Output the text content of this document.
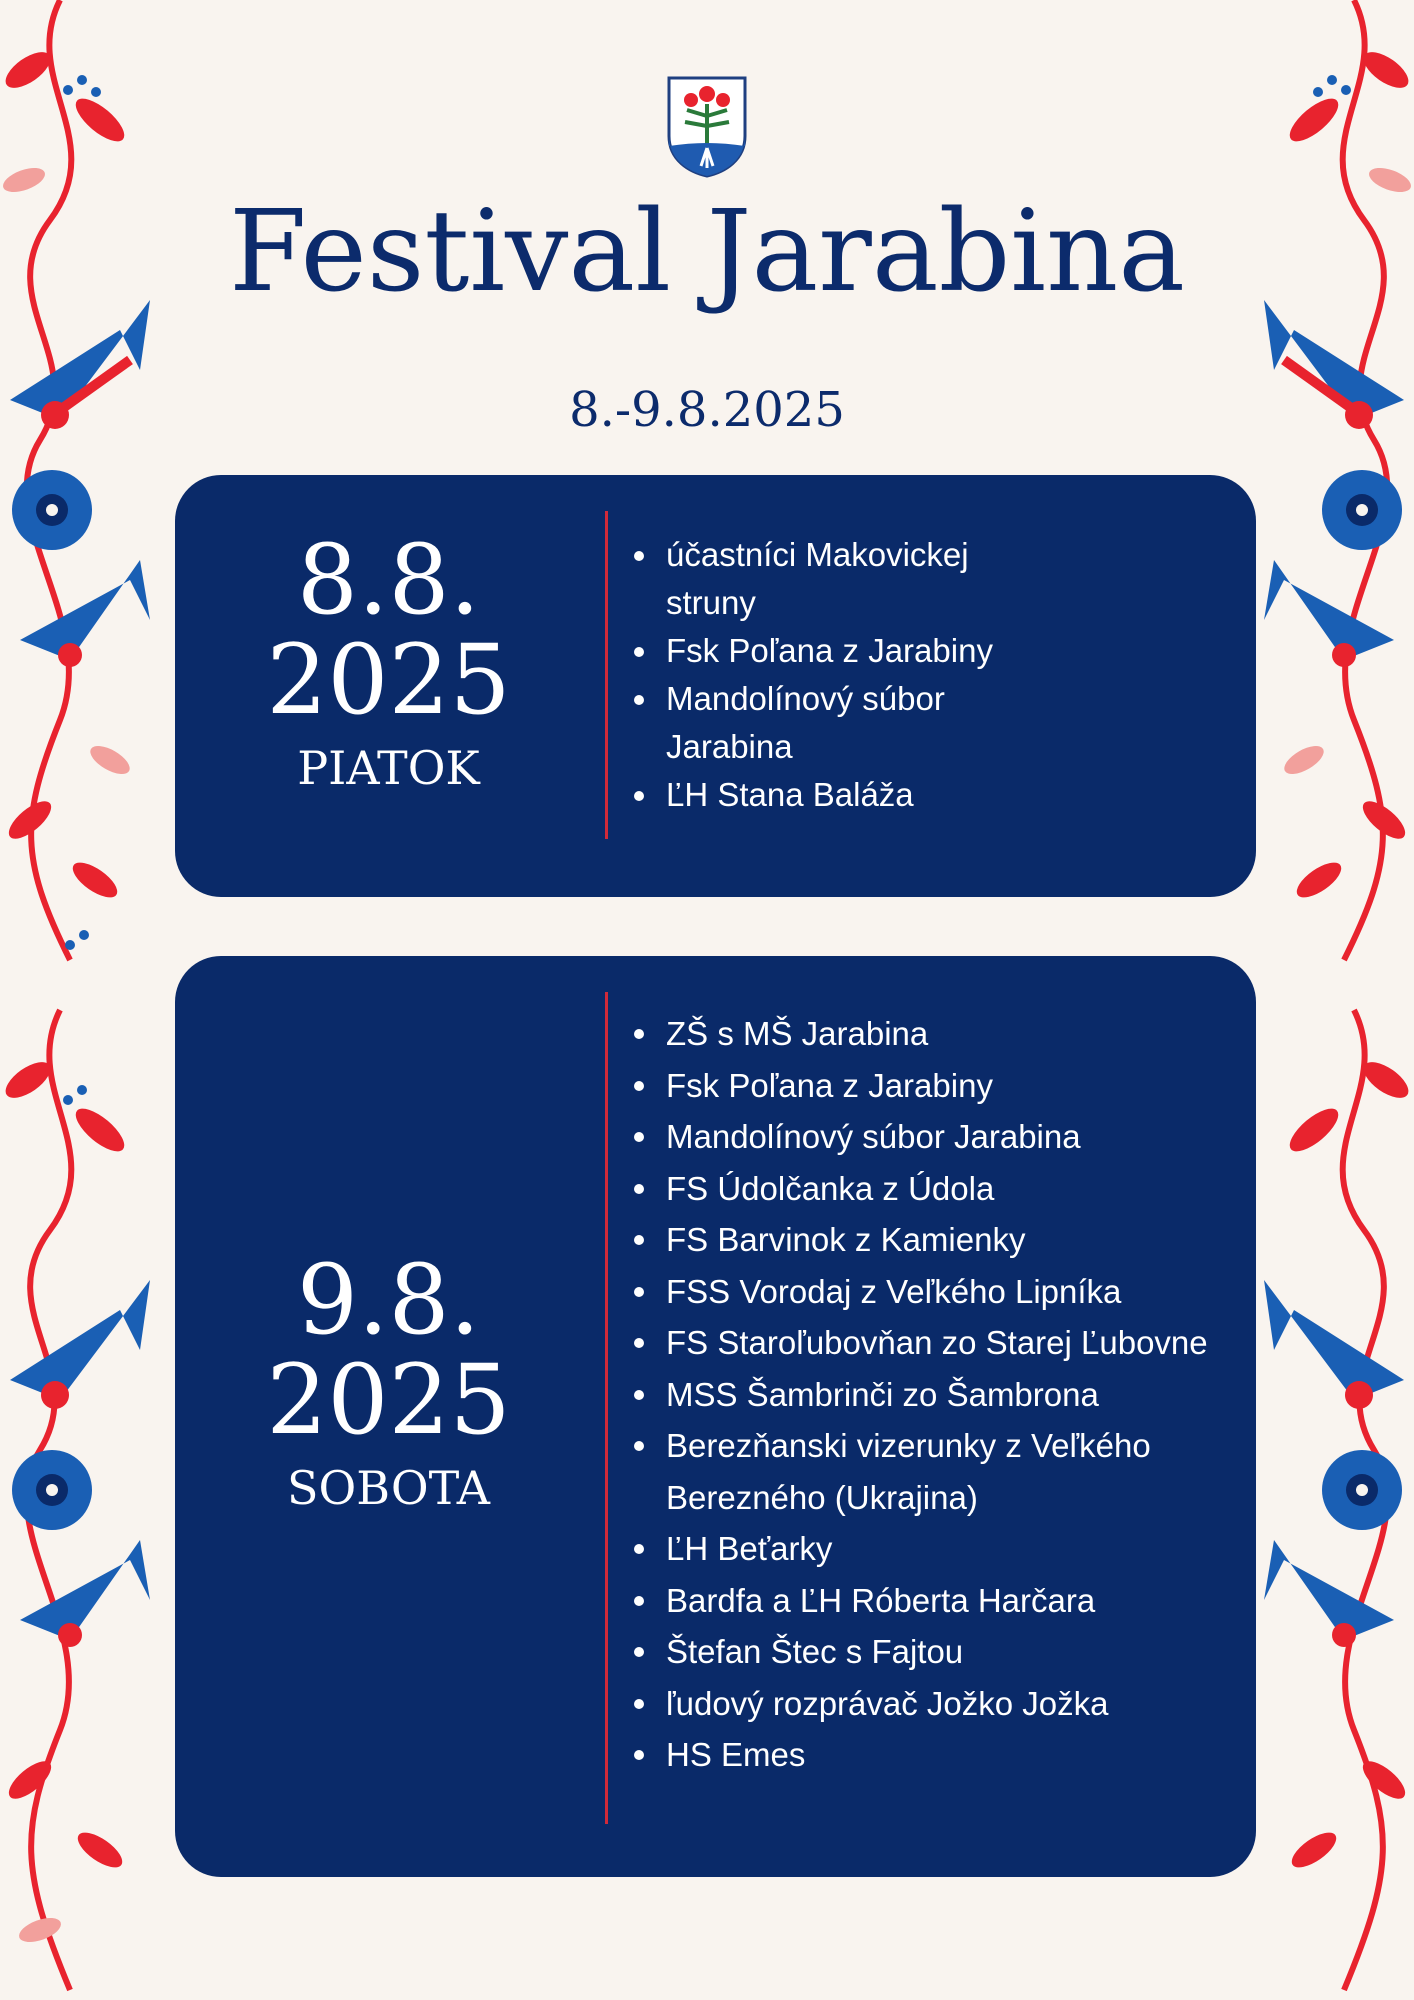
Festival Jarabina
8.-9.8.2025
8.8.
2025
PIATOK
účastníci Makovickej struny
Fsk Poľana z Jarabiny
Mandolínový súbor Jarabina
ĽH Stana Baláža
9.8.
2025
SOBOTA
ZŠ s MŠ Jarabina
Fsk Poľana z Jarabiny
Mandolínový súbor Jarabina
FS Údolčanka z Údola
FS Barvinok z Kamienky
FSS Vorodaj z Veľkého Lipníka
FS Staroľubovňan zo Starej Ľubovne
MSS Šambrinči zo Šambrona
Berezňanski vizerunky z Veľkého Berezného (Ukrajina)
ĽH Beťarky
Bardfa a ĽH Róberta Harčara
Štefan Štec s Fajtou
ľudový rozprávač Jožko Jožka
HS Emes
